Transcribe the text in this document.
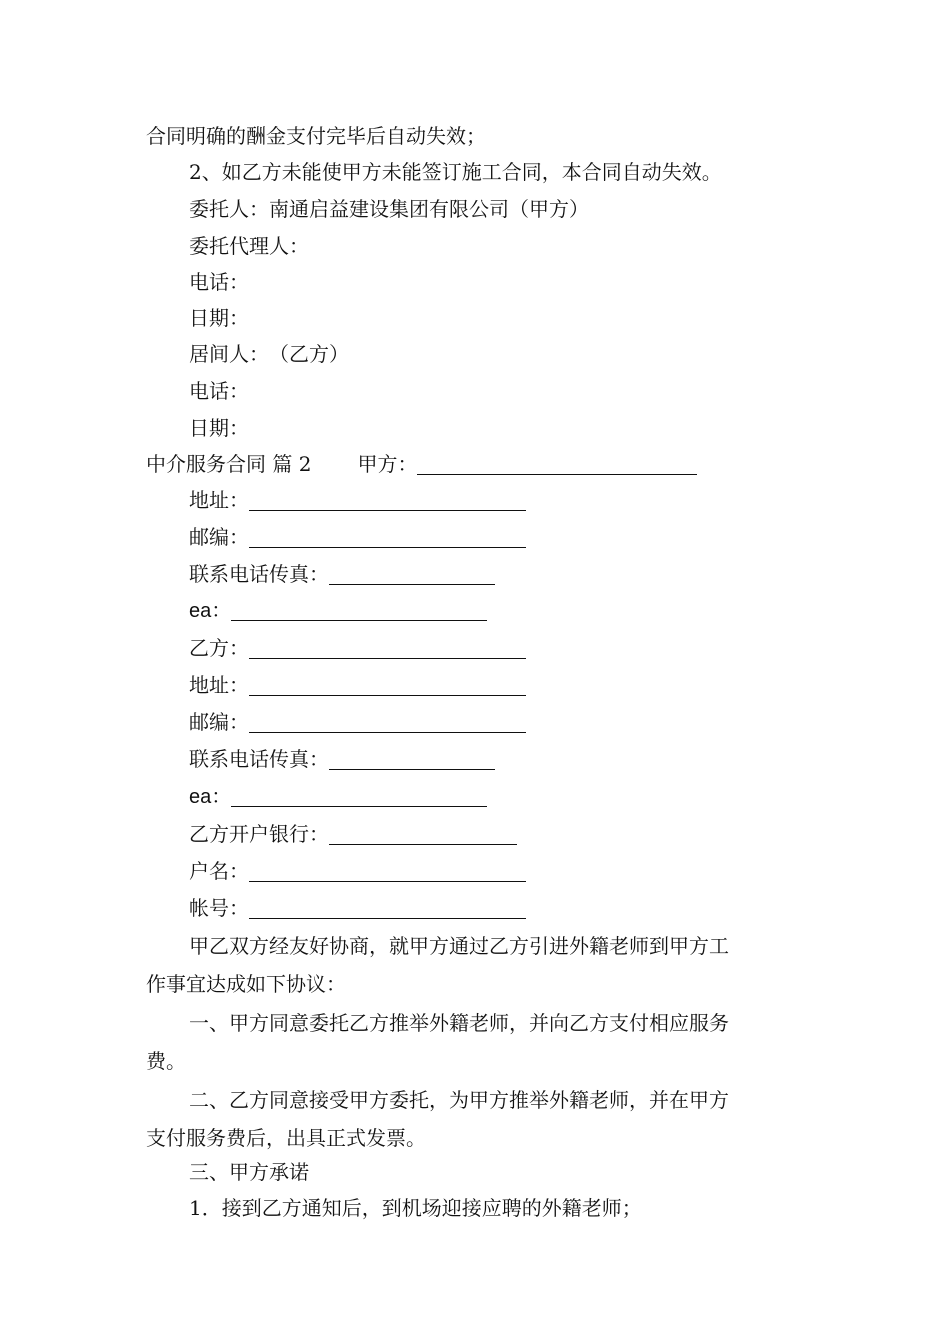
合同明确的酬金支付完毕后自动失效；
2、如乙方未能使甲方未能签订施工合同，本合同自动失效。
委托人：南通启益建设集团有限公司（甲方）
委托代理人：
电话：
日期：
居间人：　（乙方）
电话：
日期：
中介服务合同 篇 2 甲方：
地址：
邮编：
联系电话传真：
ea：
乙方：
地址：
邮编：
联系电话传真：
ea：
乙方开户银行：
户名：
帐号：
甲乙双方经友好协商，就甲方通过乙方引进外籍老师到甲方工
作事宜达成如下协议：
一、甲方同意委托乙方推举外籍老师，并向乙方支付相应服务
费。
二、乙方同意接受甲方委托，为甲方推举外籍老师，并在甲方
支付服务费后，出具正式发票。
三、甲方承诺
1．接到乙方通知后，到机场迎接应聘的外籍老师；
